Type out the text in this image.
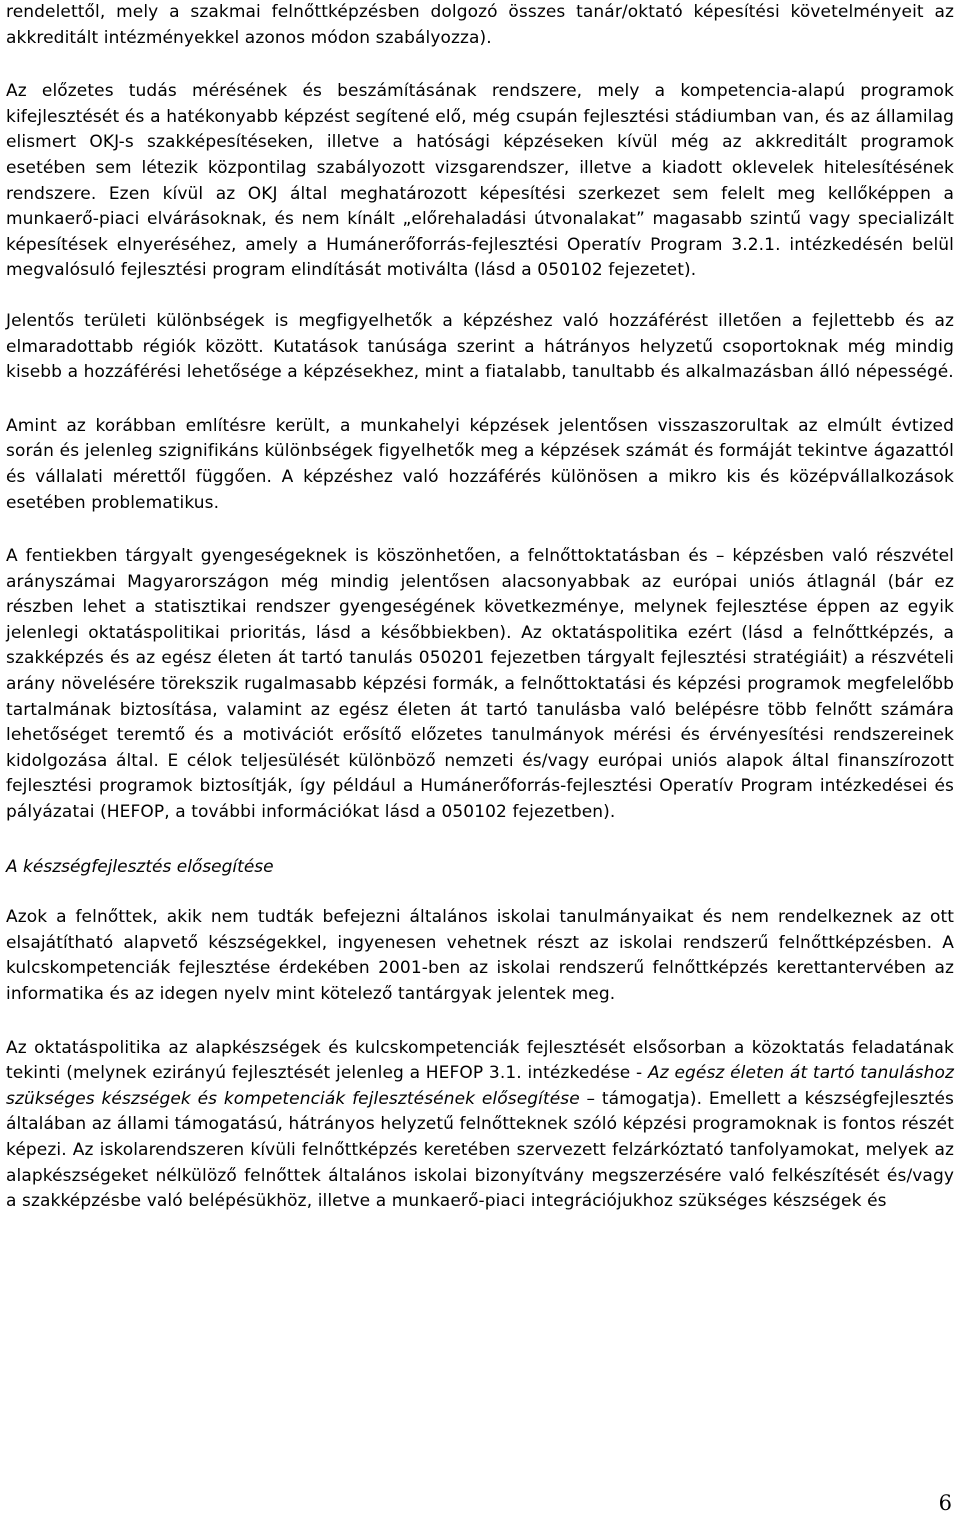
rendelettől, mely a szakmai felnőttképzésben dolgozó összes tanár/oktató képesítési követelményeit az akkreditált intézményekkel azonos módon szabályozza).

Az előzetes tudás mérésének és beszámításának rendszere, mely a kompetencia-alapú programok kifejlesztését és a hatékonyabb képzést segítené elő, még csupán fejlesztési stádiumban van, és az államilag elismert OKJ-s szakképesítéseken, illetve a hatósági képzéseken kívül még az akkreditált programok esetében sem létezik központilag szabályozott vizsgarendszer, illetve a kiadott oklevelek hitelesítésének rendszere. Ezen kívül az OKJ által meghatározott képesítési szerkezet sem felelt meg kellőképpen a munkaerő-piaci elvárásoknak, és nem kínált „előrehaladási útvonalakat” magasabb szintű vagy specializált képesítések elnyeréséhez, amely a Humánerőforrás-fejlesztési Operatív Program 3.2.1. intézkedésén belül megvalósuló fejlesztési program elindítását motiválta (lásd a 050102 fejezetet).

Jelentős területi különbségek is megfigyelhetők a képzéshez való hozzáférést illetően a fejlettebb és az elmaradottabb régiók között. Kutatások tanúsága szerint a hátrányos helyzetű csoportoknak még mindig kisebb a hozzáférési lehetősége a képzésekhez, mint a fiatalabb, tanultabb és alkalmazásban álló népességé.

Amint az korábban említésre került, a munkahelyi képzések jelentősen visszaszorultak az elmúlt évtized során és jelenleg szignifikáns különbségek figyelhetők meg a képzések számát és formáját tekintve ágazattól és vállalati mérettől függően. A képzéshez való hozzáférés különösen a mikro kis és középvállalkozások esetében problematikus.

A fentiekben tárgyalt gyengeségeknek is köszönhetően, a felnőttoktatásban és – képzésben való részvétel arányszámai Magyarországon még mindig jelentősen alacsonyabbak az európai uniós átlagnál (bár ez részben lehet a statisztikai rendszer gyengeségének következménye, melynek fejlesztése éppen az egyik jelenlegi oktatáspolitikai prioritás, lásd a későbbiekben). Az oktatáspolitika ezért (lásd a felnőttképzés, a szakképzés és az egész életen át tartó tanulás 050201 fejezetben tárgyalt fejlesztési stratégiáit) a részvételi arány növelésére törekszik rugalmasabb képzési formák, a felnőttoktatási és képzési programok megfelelőbb tartalmának biztosítása, valamint az egész életen át tartó tanulásba való belépésre több felnőtt számára lehetőséget teremtő és a motivációt erősítő előzetes tanulmányok mérési és érvényesítési rendszereinek kidolgozása által. E célok teljesülését különböző nemzeti és/vagy európai uniós alapok által finanszírozott fejlesztési programok biztosítják, így például a Humánerőforrás-fejlesztési Operatív Program intézkedései és pályázatai (HEFOP, a további információkat lásd a 050102 fejezetben).

A készségfejlesztés elősegítése

Azok a felnőttek, akik nem tudták befejezni általános iskolai tanulmányaikat és nem rendelkeznek az ott elsajátítható alapvető készségekkel, ingyenesen vehetnek részt az iskolai rendszerű felnőttképzésben. A kulcskompetenciák fejlesztése érdekében 2001-ben az iskolai rendszerű felnőttképzés kerettantervében az informatika és az idegen nyelv mint kötelező tantárgyak jelentek meg.

Az oktatáspolitika az alapkészségek és kulcskompetenciák fejlesztését elsősorban a közoktatás feladatának tekinti (melynek ezirányú fejlesztését jelenleg a HEFOP 3.1. intézkedése - Az egész életen át tartó tanuláshoz szükséges készségek és kompetenciák fejlesztésének elősegítése – támogatja). Emellett a készségfejlesztés általában az állami támogatású, hátrányos helyzetű felnőtteknek szóló képzési programoknak is fontos részét képezi. Az iskolarendszeren kívüli felnőttképzés keretében szervezett felzárkóztató tanfolyamokat, melyek az alapkészségeket nélkülöző felnőttek általános iskolai bizonyítvány megszerzésére való felkészítését és/vagy a szakképzésbe való belépésükhöz, illetve a munkaerő-piaci integrációjukhoz szükséges készségek és

6
